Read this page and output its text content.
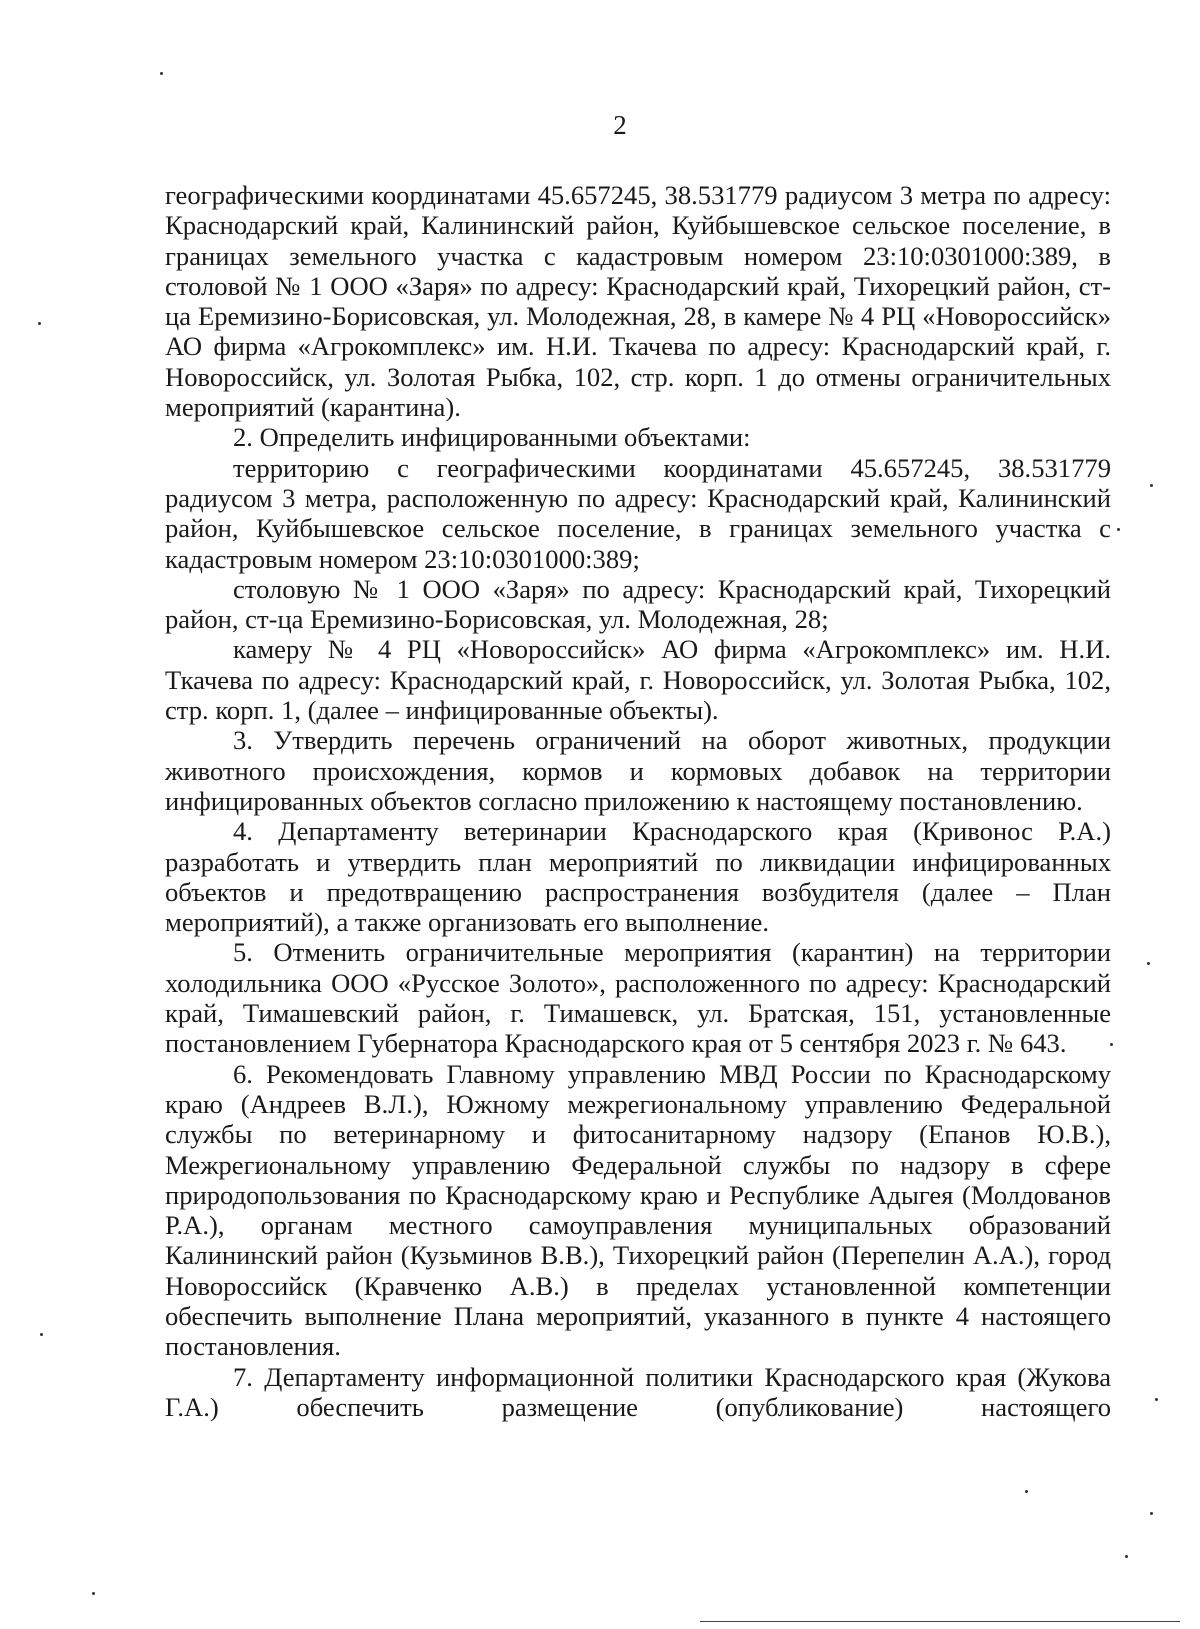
2

географическими координатами 45.657245, 38.531779 радиусом 3 метра по адресу: Краснодарский край, Калининский район, Куйбышевское сельское поселение, в границах земельного участка с кадастровым номером 23:10:0301000:389, в столовой № 1 ООО «Заря» по адресу: Краснодарский край, Тихорецкий район, ст-ца Еремизино-Борисовская, ул. Молодежная, 28, в камере № 4 РЦ «Новороссийск» АО фирма «Агрокомплекс» им. Н.И. Ткачева по адресу: Краснодарский край, г. Новороссийск, ул. Золотая Рыбка, 102, стр. корп. 1 до отмены ограничительных мероприятий (карантина).

2. Определить инфицированными объектами:

территорию с географическими координатами 45.657245, 38.531779 радиусом 3 метра, расположенную по адресу: Краснодарский край, Калининский район, Куйбышевское сельское поселение, в границах земельного участка с кадастровым номером 23:10:0301000:389;

столовую № 1 ООО «Заря» по адресу: Краснодарский край, Тихорецкий район, ст-ца Еремизино-Борисовская, ул. Молодежная, 28;

камеру № 4 РЦ «Новороссийск» АО фирма «Агрокомплекс» им. Н.И. Ткачева по адресу: Краснодарский край, г. Новороссийск, ул. Золотая Рыбка, 102, стр. корп. 1, (далее – инфицированные объекты).

3. Утвердить перечень ограничений на оборот животных, продукции животного происхождения, кормов и кормовых добавок на территории инфицированных объектов согласно приложению к настоящему постановлению.

4. Департаменту ветеринарии Краснодарского края (Кривонос Р.А.) разработать и утвердить план мероприятий по ликвидации инфицированных объектов и предотвращению распространения возбудителя (далее – План мероприятий), а также организовать его выполнение.

5. Отменить ограничительные мероприятия (карантин) на территории холодильника ООО «Русское Золото», расположенного по адресу: Краснодарский край, Тимашевский район, г. Тимашевск, ул. Братская, 151, установленные постановлением Губернатора Краснодарского края от 5 сентября 2023 г. № 643.

6. Рекомендовать Главному управлению МВД России по Краснодарскому краю (Андреев В.Л.), Южному межрегиональному управлению Федеральной службы по ветеринарному и фитосанитарному надзору (Епанов Ю.В.), Межрегиональному управлению Федеральной службы по надзору в сфере природопользования по Краснодарскому краю и Республике Адыгея (Молдованов Р.А.), органам местного самоуправления муниципальных образований Калининский район (Кузьминов В.В.), Тихорецкий район (Перепелин А.А.), город Новороссийск (Кравченко А.В.) в пределах установленной компетенции обеспечить выполнение Плана мероприятий, указанного в пункте 4 настоящего постановления.

7. Департаменту информационной политики Краснодарского края (Жукова Г.А.) обеспечить размещение (опубликование) настоящего
